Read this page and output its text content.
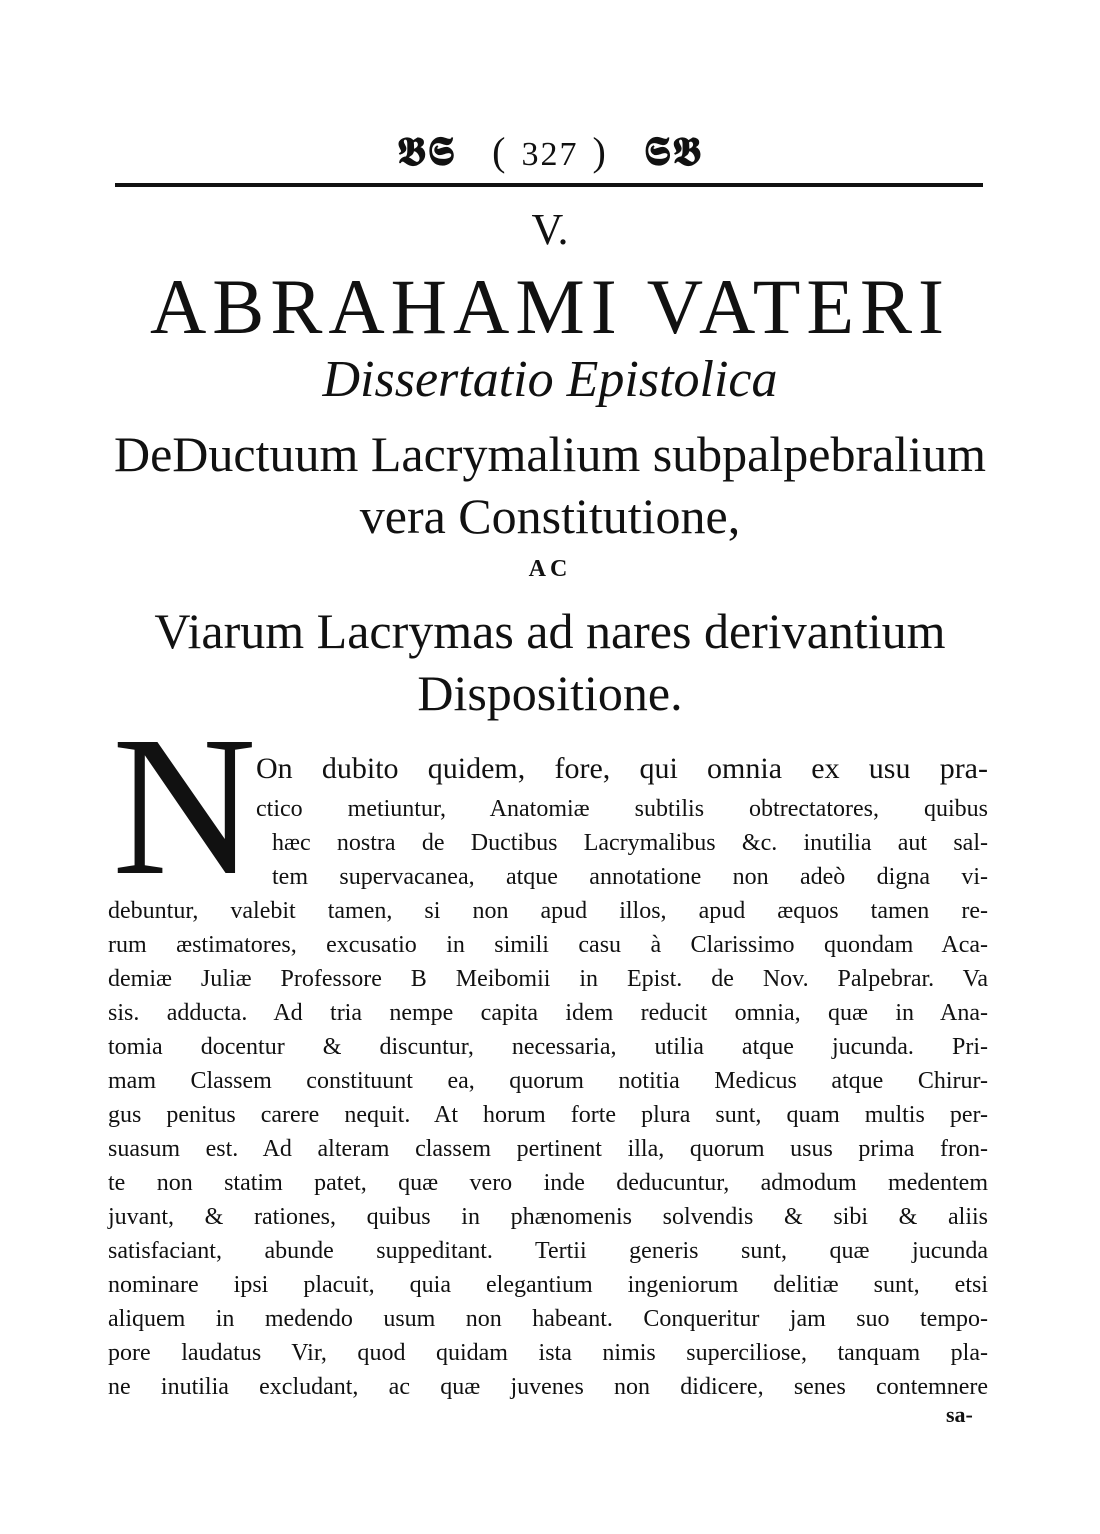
𝕭𝕾 ( 327 ) 𝕾𝕭
V.
ABRAHAMI VATERI
Dissertatio Epistolica
DeDuctuum Lacrymalium subpalpebralium
vera Constitutione,
AC
Viarum Lacrymas ad nares derivantium
Dispositione.
N On dubito quidem, fore, qui omnia ex usu pra-
ctico metiuntur, Anatomiæ subtilis obtrectatores, quibus
hæc nostra de Ductibus Lacrymalibus &c. inutilia aut sal-
tem supervacanea, atque annotatione non adeò digna vi-
debuntur, valebit tamen, si non apud illos, apud æquos tamen re-
rum æstimatores, excusatio in simili casu à Clarissimo quondam Aca-
demiæ Juliæ Professore B Meibomii in Epist. de Nov. Palpebrar. Va
sis. adducta. Ad tria nempe capita idem reducit omnia, quæ in Ana-
tomia docentur & discuntur, necessaria, utilia atque jucunda. Pri-
mam Classem constituunt ea, quorum notitia Medicus atque Chirur-
gus penitus carere nequit. At horum forte plura sunt, quam multis per-
suasum est. Ad alteram classem pertinent illa, quorum usus prima fron-
te non statim patet, quæ vero inde deducuntur, admodum medentem
juvant, & rationes, quibus in phænomenis solvendis & sibi & aliis
satisfaciant, abunde suppeditant. Tertii generis sunt, quæ jucunda
nominare ipsi placuit, quia elegantium ingeniorum delitiæ sunt, etsi
aliquem in medendo usum non habeant. Conqueritur jam suo tempo-
pore laudatus Vir, quod quidam ista nimis superciliose, tanquam pla-
ne inutilia excludant, ac quæ juvenes non didicere, senes contemnere
sa-
